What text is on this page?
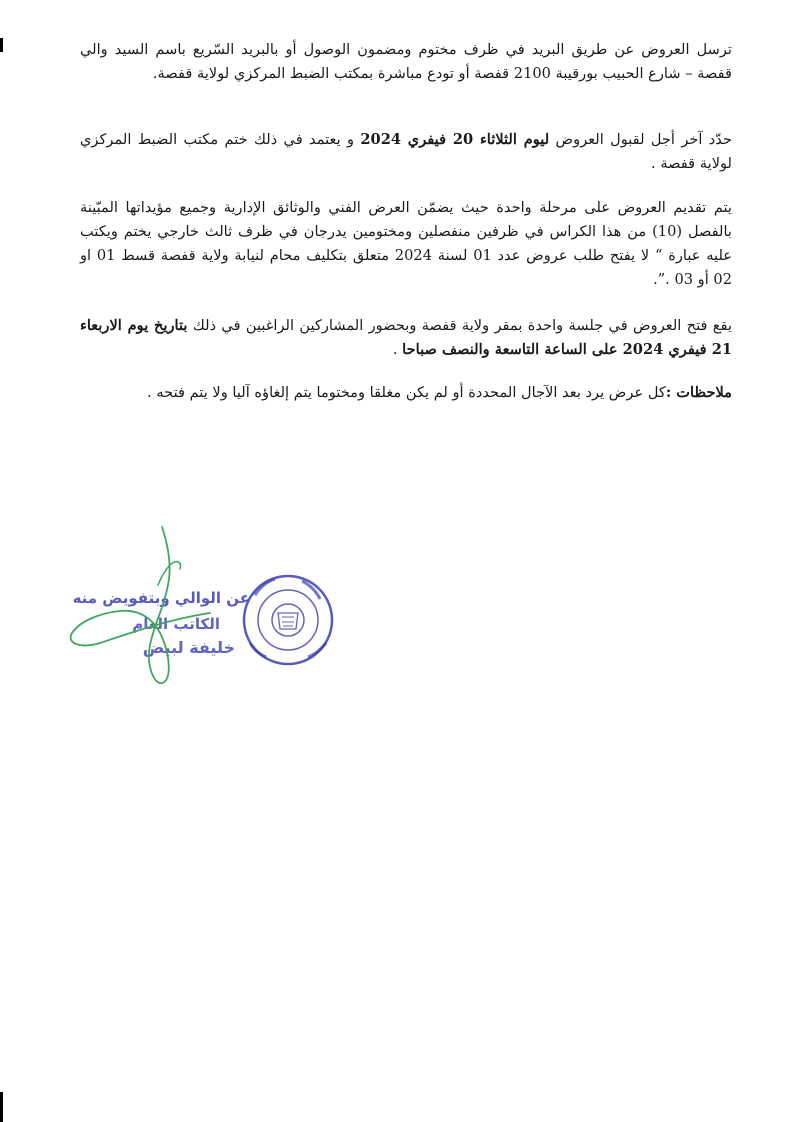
ترسل العروض عن طريق البريد في ظرف مختوم ومضمون الوصول أو بالبريد السّريع باسم السيد والي قفصة – شارع الحبيب بورقيبة 2100 قفصة أو تودع مباشرة بمكتب الضبط المركزي لولاية قفصة.

حدّد آخر أجل لقبول العروض ليوم الثلاثاء 20 فيفري 2024 و يعتمد في ذلك ختم مكتب الضبط المركزي لولاية قفصة .

يتم تقديم العروض على مرحلة واحدة حيث يضمّن العرض الفني والوثائق الإدارية وجميع مؤيداتها المبّينة بالفصل (10) من هذا الكراس في ظرفين منفصلين ومختومين يدرجان في ظرف ثالث خارجي يختم ويكتب عليه عبارة “ لا يفتح طلب عروض عدد 01 لسنة 2024 متعلق بتكليف محام لنيابة ولاية قفصة قسط 01 او 02 أو 03 .”.

يقع فتح العروض في جلسة واحدة بمقر ولاية قفصة وبحضور المشاركين الراغبين في ذلك بتاريخ يوم الاربعاء 21 فيفري 2024 على الساعة التاسعة والنصف صباحا .

ملاحظات :كل عرض يرد بعد الآجال المحددة أو لم يكن مغلقا ومختوما يتم إلغاؤه آليا ولا يتم فتحه .

عن الوالي وبتفويض منه
الكاتب العام
خليفة لبيض
